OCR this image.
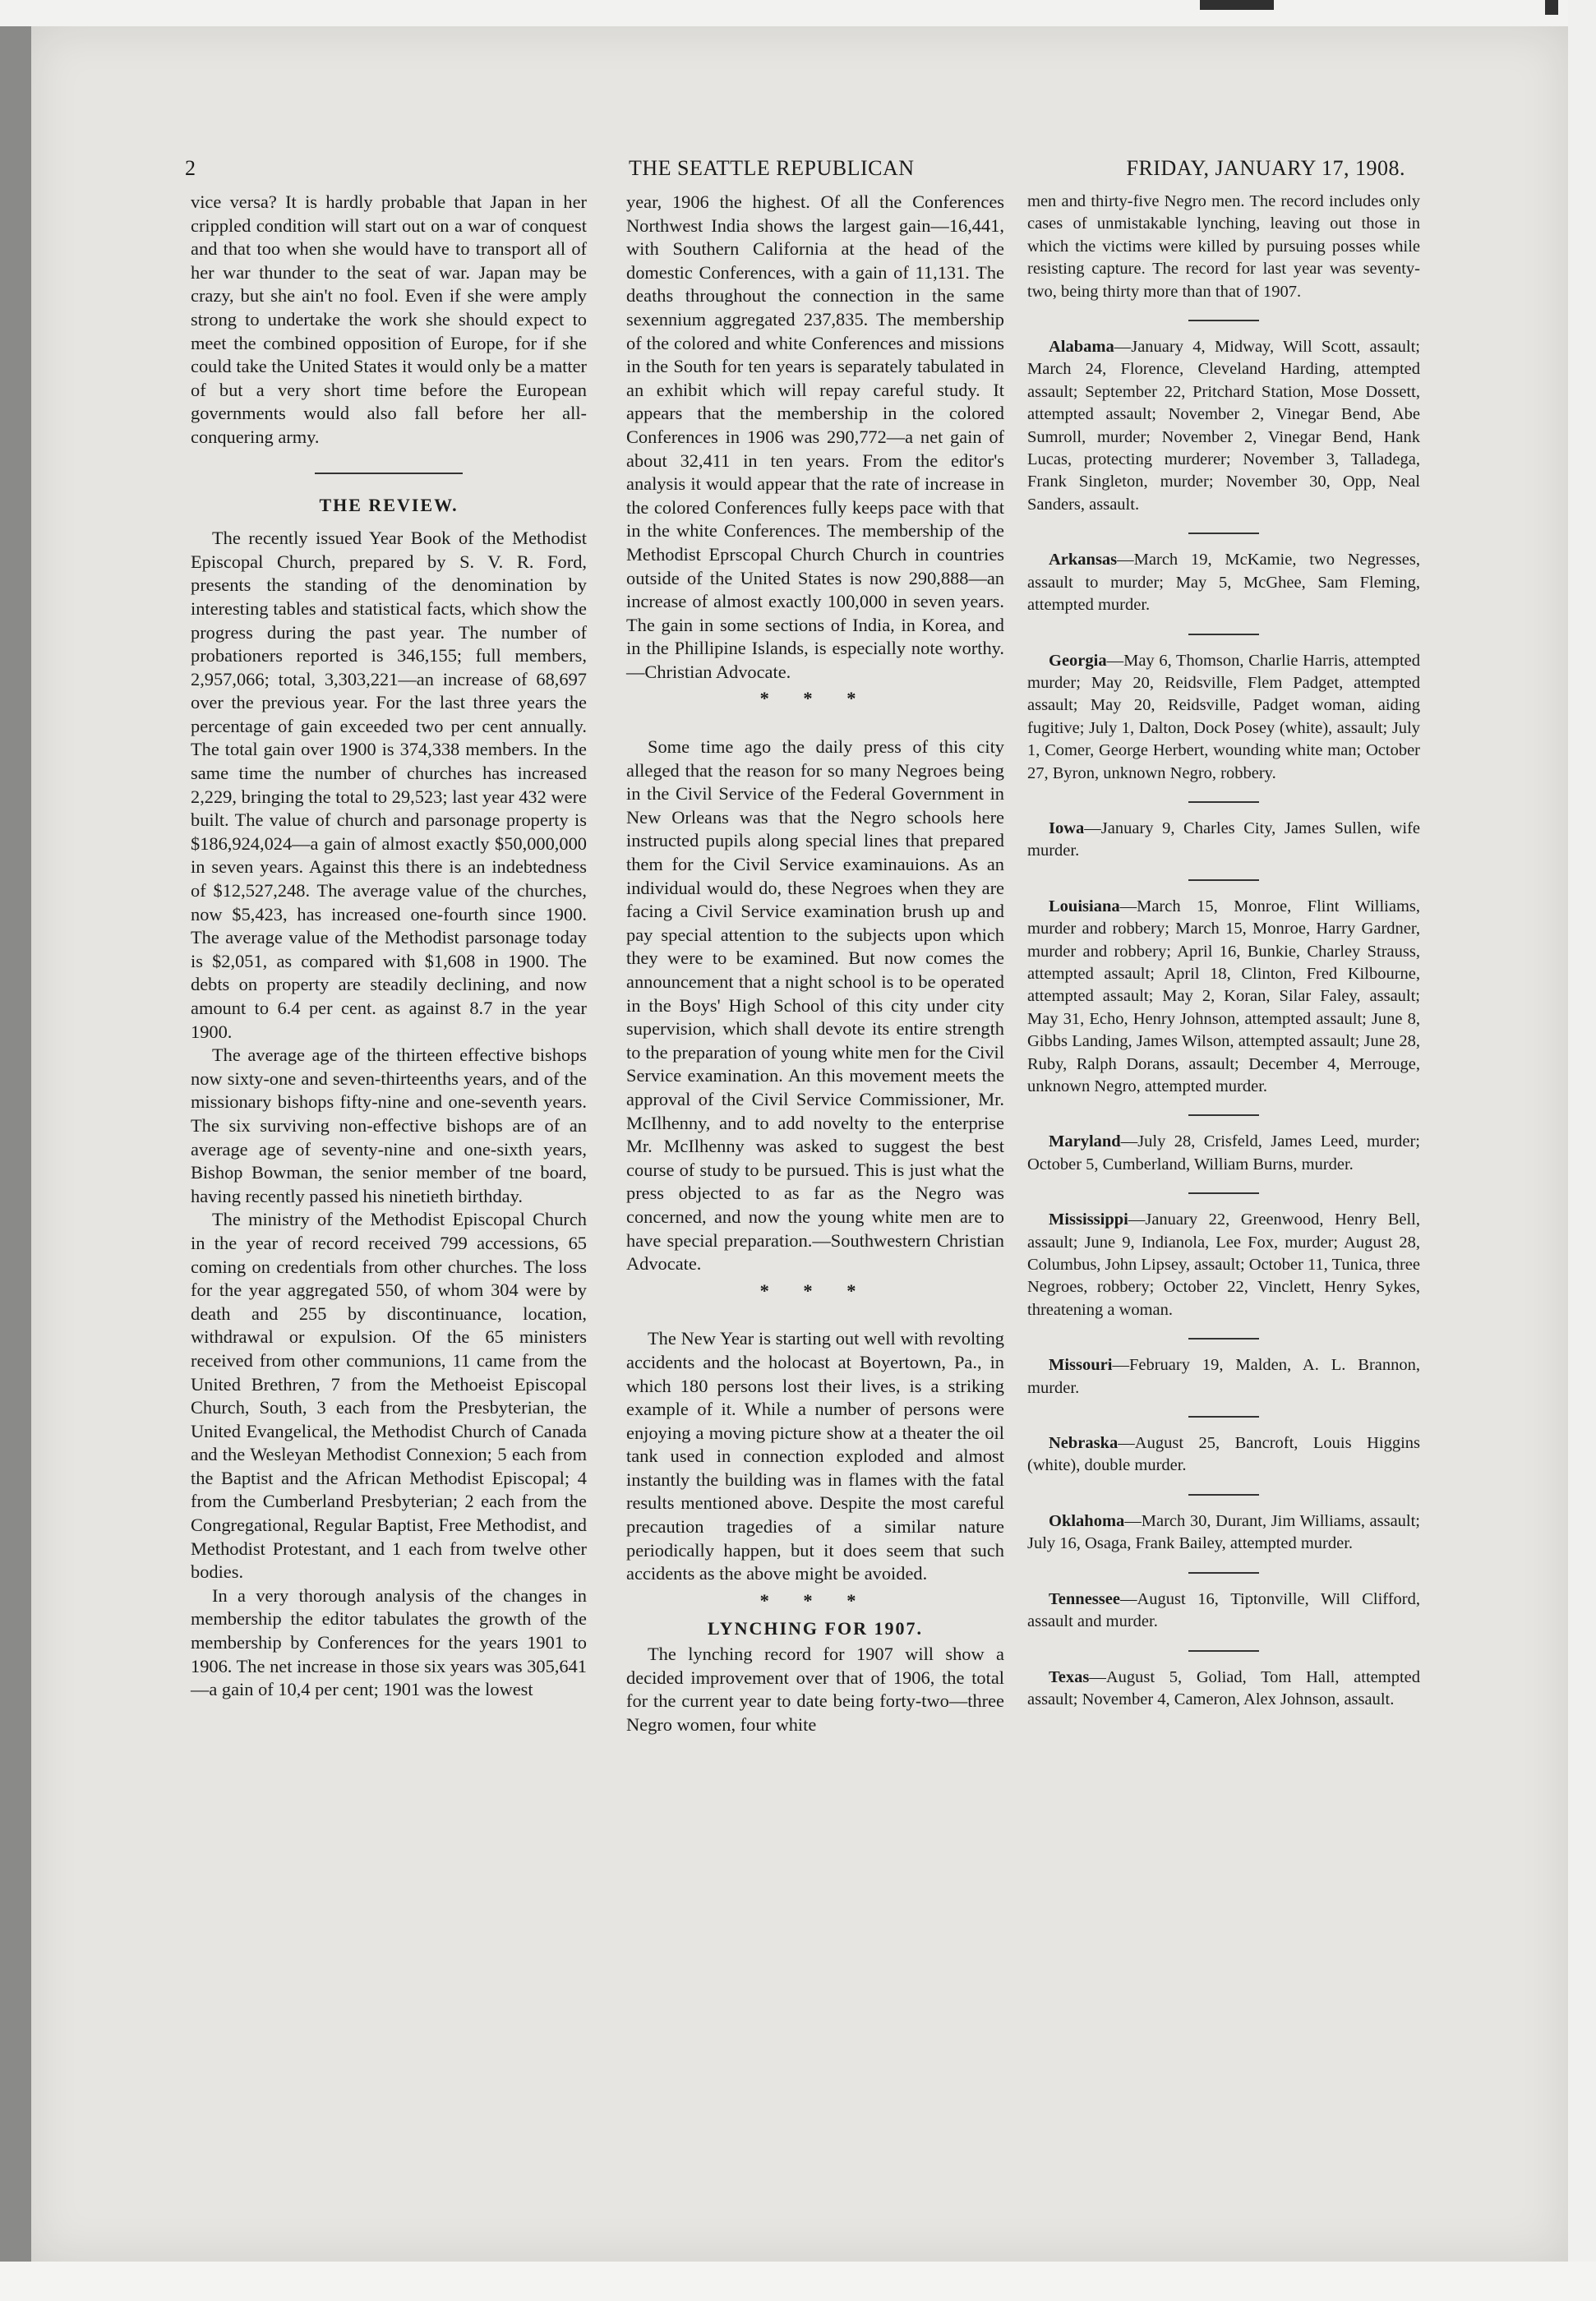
2	THE SEATTLE REPUBLICAN	FRIDAY, JANUARY 17, 1908.

vice versa? It is hardly probable that Japan in her crippled condition will start out on a war of conquest and that too when she would have to transport all of her war thunder to the seat of war. Japan may be crazy, but she ain't no fool. Even if she were amply strong to undertake the work she should expect to meet the combined opposition of Europe, for if she could take the United States it would only be a matter of but a very short time before the European governments would also fall before her all-conquering army.

THE REVIEW.

The recently issued Year Book of the Methodist Episcopal Church, prepared by S. V. R. Ford, presents the standing of the denomination by interesting tables and statistical facts, which show the progress during the past year. The number of probationers reported is 346,155; full members, 2,957,066; total, 3,303,221—an increase of 68,697 over the previous year. For the last three years the percentage of gain exceeded two per cent annually. The total gain over 1900 is 374,338 members. In the same time the number of churches has increased 2,229, bringing the total to 29,523; last year 432 were built. The value of church and parsonage property is $186,924,024—a gain of almost exactly $50,000,000 in seven years. Against this there is an indebtedness of $12,527,248. The average value of the churches, now $5,423, has increased one-fourth since 1900. The average value of the Methodist parsonage today is $2,051, as compared with $1,608 in 1900. The debts on property are steadily declining, and now amount to 6.4 per cent. as against 8.7 in the year 1900.

The average age of the thirteen effective bishops now sixty-one and seven-thirteenths years, and of the missionary bishops fifty-nine and one-seventh years. The six surviving non-effective bishops are of an average age of seventy-nine and one-sixth years, Bishop Bowman, the senior member of tne board, having recently passed his ninetieth birthday.

The ministry of the Methodist Episcopal Church in the year of record received 799 accessions, 65 coming on credentials from other churches. The loss for the year aggregated 550, of whom 304 were by death and 255 by discontinuance, location, withdrawal or expulsion. Of the 65 ministers received from other communions, 11 came from the United Brethren, 7 from the Methoeist Episcopal Church, South, 3 each from the Presbyterian, the United Evangelical, the Methodist Church of Canada and the Wesleyan Methodist Connexion; 5 each from the Baptist and the African Methodist Episcopal; 4 from the Cumberland Presbyterian; 2 each from the Congregational, Regular Baptist, Free Methodist, and Methodist Protestant, and 1 each from twelve other bodies.

In a very thorough analysis of the changes in membership the editor tabulates the growth of the membership by Conferences for the years 1901 to 1906. The net increase in those six years was 305,641—a gain of 10,4 per cent; 1901 was the lowest

year, 1906 the highest. Of all the Conferences Northwest India shows the largest gain—16,441, with Southern California at the head of the domestic Conferences, with a gain of 11,131. The deaths throughout the connection in the same sexennium aggregated 237,835. The membership of the colored and white Conferences and missions in the South for ten years is separately tabulated in an exhibit which will repay careful study. It appears that the membership in the colored Conferences in 1906 was 290,772—a net gain of about 32,411 in ten years. From the editor's analysis it would appear that the rate of increase in the colored Conferences fully keeps pace with that in the white Conferences. The membership of the Methodist Eprscopal Church Church in countries outside of the United States is now 290,888—an increase of almost exactly 100,000 in seven years. The gain in some sections of India, in Korea, and in the Phillipine Islands, is especially note worthy.—Christian Advocate.

* * *

Some time ago the daily press of this city alleged that the reason for so many Negroes being in the Civil Service of the Federal Government in New Orleans was that the Negro schools here instructed pupils along special lines that prepared them for the Civil Service examinauions. As an individual would do, these Negroes when they are facing a Civil Service examination brush up and pay special attention to the subjects upon which they were to be examined. But now comes the announcement that a night school is to be operated in the Boys' High School of this city under city supervision, which shall devote its entire strength to the preparation of young white men for the Civil Service examination. An this movement meets the approval of the Civil Service Commissioner, Mr. McIlhenny, and to add novelty to the enterprise Mr. McIlhenny was asked to suggest the best course of study to be pursued. This is just what the press objected to as far as the Negro was concerned, and now the young white men are to have special preparation.—Southwestern Christian Advocate.

* * *

The New Year is starting out well with revolting accidents and the holocast at Boyertown, Pa., in which 180 persons lost their lives, is a striking example of it. While a number of persons were enjoying a moving picture show at a theater the oil tank used in connection exploded and almost instantly the building was in flames with the fatal results mentioned above. Despite the most careful precaution tragedies of a similar nature periodically happen, but it does seem that such accidents as the above might be avoided.

* * *
LYNCHING FOR 1907.

The lynching record for 1907 will show a decided improvement over that of 1906, the total for the current year to date being forty-two—three Negro women, four white

men and thirty-five Negro men. The record includes only cases of unmistakable lynching, leaving out those in which the victims were killed by pursuing posses while resisting capture. The record for last year was seventy-two, being thirty more than that of 1907.

Alabama—January 4, Midway, Will Scott, assault; March 24, Florence, Cleveland Harding, attempted assault; September 22, Pritchard Station, Mose Dossett, attempted assault; November 2, Vinegar Bend, Abe Sumroll, murder; November 2, Vinegar Bend, Hank Lucas, protecting murderer; November 3, Talladega, Frank Singleton, murder; November 30, Opp, Neal Sanders, assault.

Arkansas—March 19, McKamie, two Negresses, assault to murder; May 5, McGhee, Sam Fleming, attempted murder.

Georgia—May 6, Thomson, Charlie Harris, attempted murder; May 20, Reidsville, Flem Padget, attempted assault; May 20, Reidsville, Padget woman, aiding fugitive; July 1, Dalton, Dock Posey (white), assault; July 1, Comer, George Herbert, wounding white man; October 27, Byron, unknown Negro, robbery.

Iowa—January 9, Charles City, James Sullen, wife murder.

Louisiana—March 15, Monroe, Flint Williams, murder and robbery; March 15, Monroe, Harry Gardner, murder and robbery; April 16, Bunkie, Charley Strauss, attempted assault; April 18, Clinton, Fred Kilbourne, attempted assault; May 2, Koran, Silar Faley, assault; May 31, Echo, Henry Johnson, attempted assault; June 8, Gibbs Landing, James Wilson, attempted assault; June 28, Ruby, Ralph Dorans, assault; December 4, Merrouge, unknown Negro, attempted murder.

Maryland—July 28, Crisfeld, James Leed, murder; October 5, Cumberland, William Burns, murder.

Mississippi—January 22, Greenwood, Henry Bell, assault; June 9, Indianola, Lee Fox, murder; August 28, Columbus, John Lipsey, assault; October 11, Tunica, three Negroes, robbery; October 22, Vinclett, Henry Sykes, threatening a woman.

Missouri—February 19, Malden, A. L. Brannon, murder.

Nebraska—August 25, Bancroft, Louis Higgins (white), double murder.

Oklahoma—March 30, Durant, Jim Williams, assault; July 16, Osaga, Frank Bailey, attempted murder.

Tennessee—August 16, Tiptonville, Will Clifford, assault and murder.

Texas—August 5, Goliad, Tom Hall, attempted assault; November 4, Cameron, Alex Johnson, assault.
